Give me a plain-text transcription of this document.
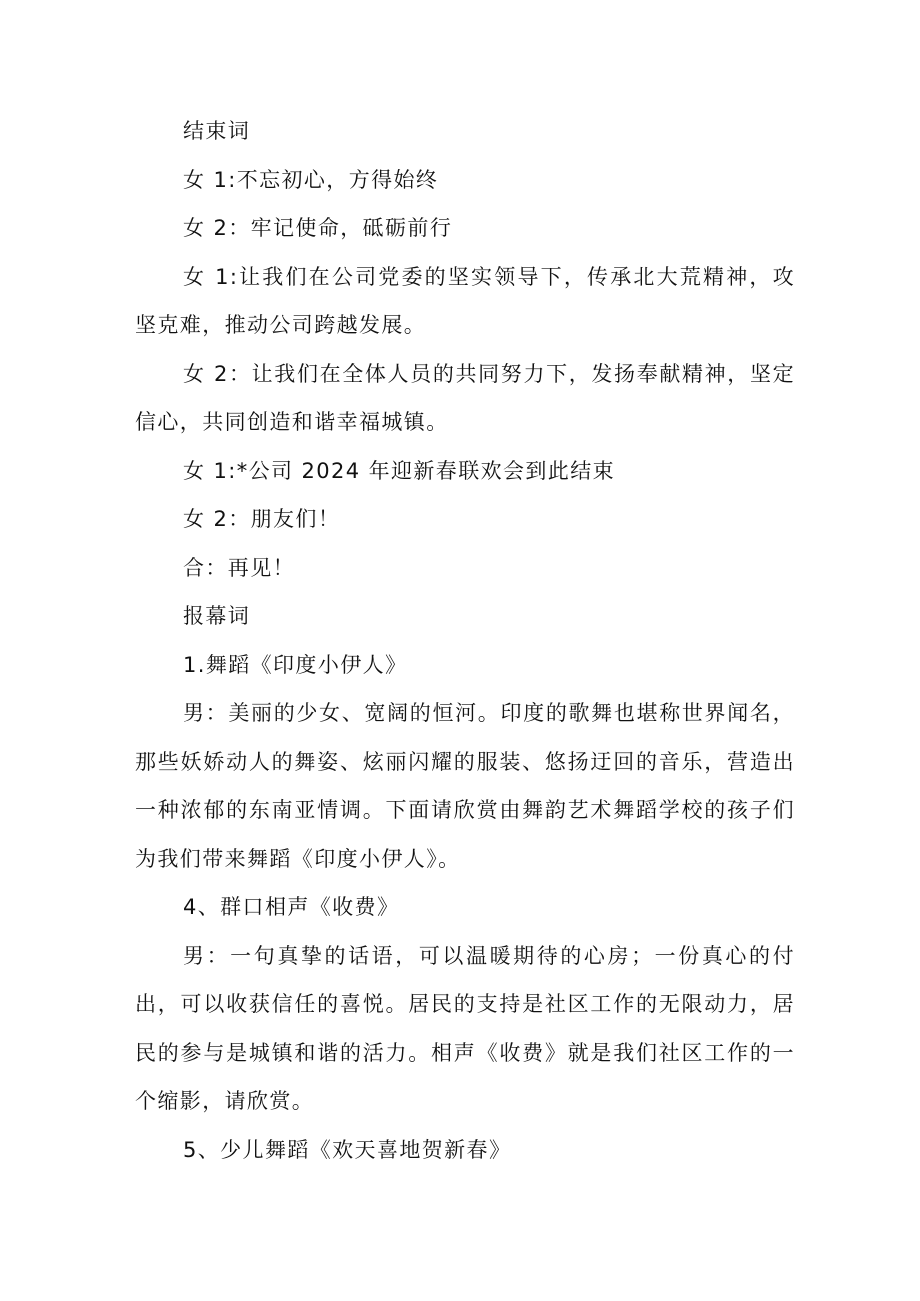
结束词

女 1:不忘初心，方得始终

女 2：牢记使命，砥砺前行

女 1:让我们在公司党委的坚实领导下，传承北大荒精神，攻坚克难，推动公司跨越发展。

女 2：让我们在全体人员的共同努力下，发扬奉献精神，坚定信心，共同创造和谐幸福城镇。

女 1:*公司 2024 年迎新春联欢会到此结束

女 2：朋友们！

合：再见！

报幕词

1.舞蹈《印度小伊人》

男：美丽的少女、宽阔的恒河。印度的歌舞也堪称世界闻名，那些妖娇动人的舞姿、炫丽闪耀的服装、悠扬迂回的音乐，营造出一种浓郁的东南亚情调。下面请欣赏由舞韵艺术舞蹈学校的孩子们为我们带来舞蹈《印度小伊人》。

4、群口相声《收费》

男：一句真挚的话语，可以温暖期待的心房；一份真心的付出，可以收获信任的喜悦。居民的支持是社区工作的无限动力，居民的参与是城镇和谐的活力。相声《收费》就是我们社区工作的一个缩影，请欣赏。

5、少儿舞蹈《欢天喜地贺新春》
